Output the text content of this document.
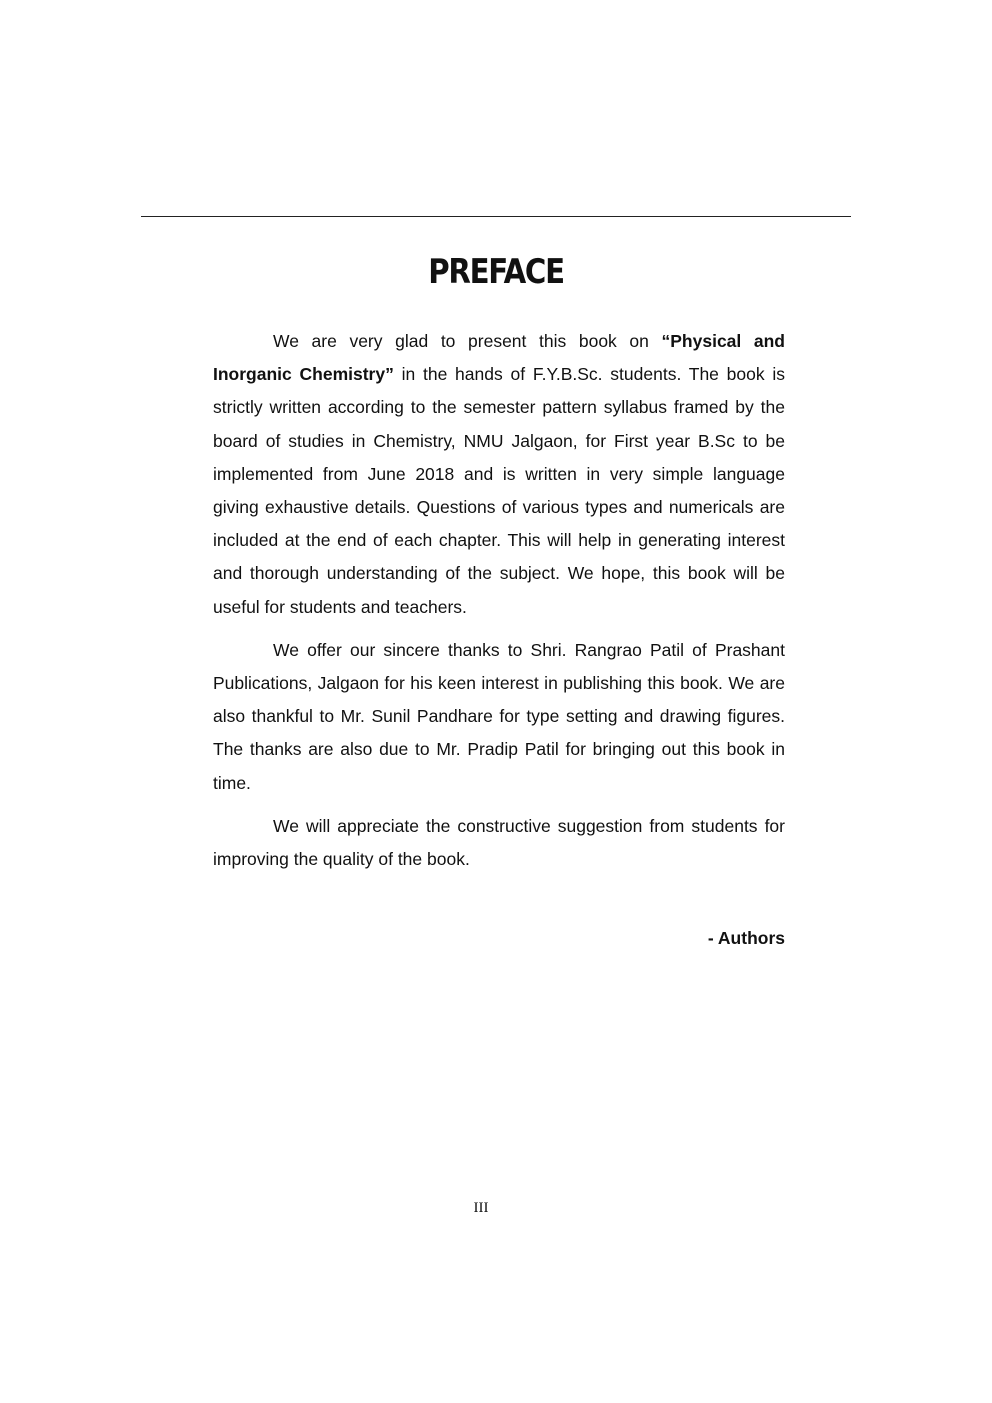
PREFACE

We are very glad to present this book on “Physical and Inorganic Chemistry” in the hands of F.Y.B.Sc. students. The book is strictly written according to the semester pattern syllabus framed by the board of studies in Chemistry, NMU Jalgaon, for First year B.Sc to be implemented from June 2018 and is written in very simple language giving exhaustive details. Questions of various types and numericals are included at the end of each chapter. This will help in generating interest and thorough understanding of the subject. We hope, this book will be useful for students and teachers.

We offer our sincere thanks to Shri. Rangrao Patil of Prashant Publications, Jalgaon for his keen interest in publishing this book. We are also thankful to Mr. Sunil Pandhare for type setting and drawing figures. The thanks are also due to Mr. Pradip Patil for bringing out this book in time.

We will appreciate the constructive suggestion from students for improving the quality of the book.

- Authors
III
